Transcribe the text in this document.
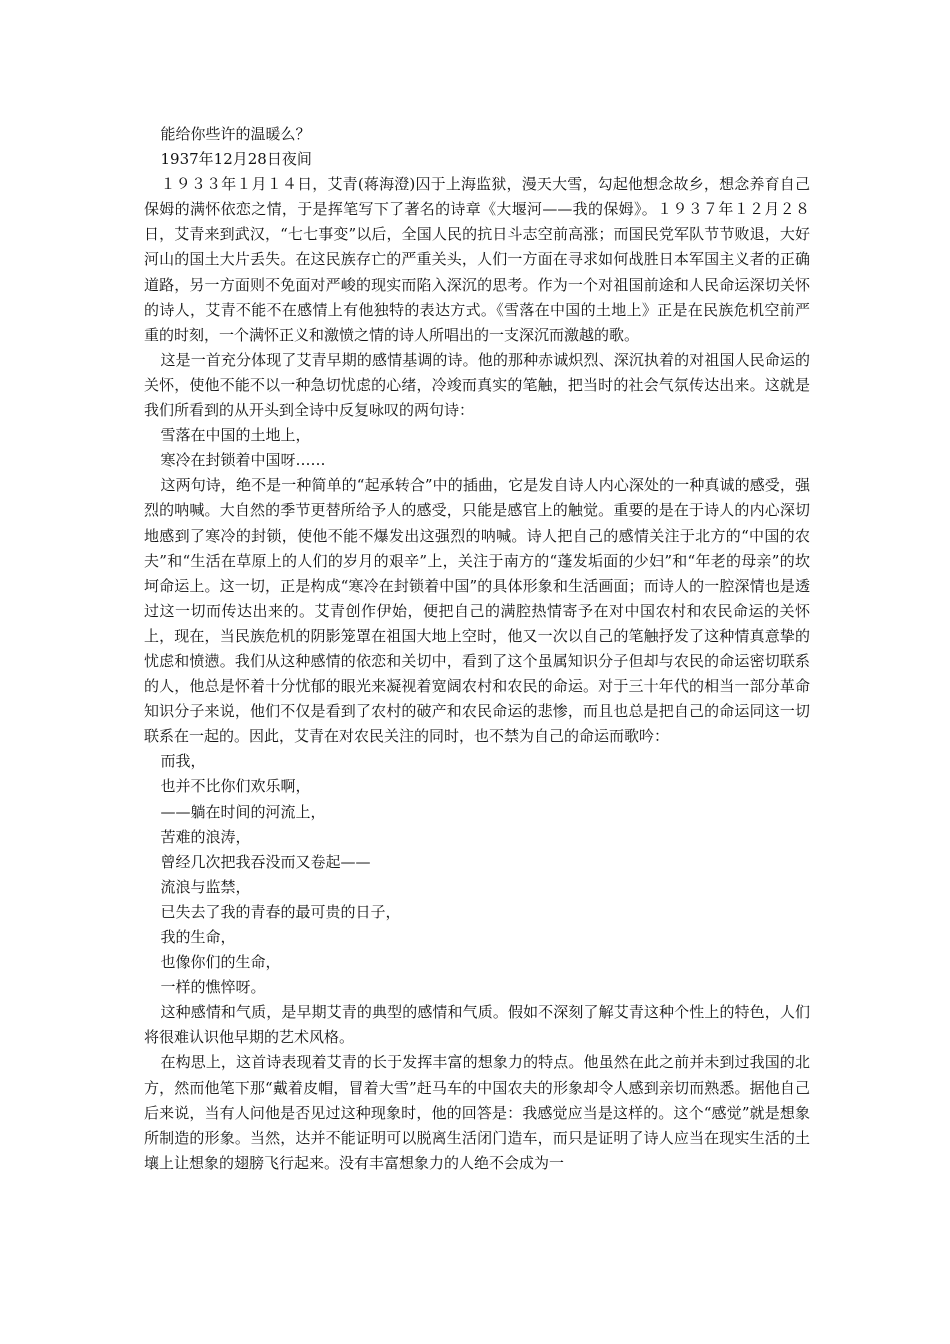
能给你些许的温暖么？

1937年12月28日夜间

１９３３年１月１４日，艾青(蒋海澄)囚于上海监狱，漫天大雪，勾起他想念故乡，想念养育自己保姆的满怀依恋之情，于是挥笔写下了著名的诗章《大堰河——我的保姆》。１９３７年１２月２８日，艾青来到武汉，“七七事变”以后，全国人民的抗日斗志空前高涨；而国民党军队节节败退，大好河山的国土大片丢失。在这民族存亡的严重关头，人们一方面在寻求如何战胜日本军国主义者的正确道路，另一方面则不免面对严峻的现实而陷入深沉的思考。作为一个对祖国前途和人民命运深切关怀的诗人，艾青不能不在感情上有他独特的表达方式。《雪落在中国的土地上》正是在民族危机空前严重的时刻，一个满怀正义和激愤之情的诗人所唱出的一支深沉而激越的歌。

这是一首充分体现了艾青早期的感情基调的诗。他的那种赤诚炽烈、深沉执着的对祖国人民命运的关怀，使他不能不以一种急切忧虑的心绪，冷竣而真实的笔触，把当时的社会气氛传达出来。这就是我们所看到的从开头到全诗中反复咏叹的两句诗：

雪落在中国的土地上，

寒冷在封锁着中国呀……

这两句诗，绝不是一种简单的“起承转合”中的插曲，它是发自诗人内心深处的一种真诚的感受，强烈的呐喊。大自然的季节更替所给予人的感受，只能是感官上的触觉。重要的是在于诗人的内心深切地感到了寒冷的封锁，使他不能不爆发出这强烈的呐喊。诗人把自己的感情关注于北方的“中国的农夫”和“生活在草原上的人们的岁月的艰辛”上，关注于南方的“蓬发垢面的少妇”和“年老的母亲”的坎坷命运上。这一切，正是构成“寒冷在封锁着中国”的具体形象和生活画面；而诗人的一腔深情也是透过这一切而传达出来的。艾青创作伊始，便把自己的满腔热情寄予在对中国农村和农民命运的关怀上，现在，当民族危机的阴影笼罩在祖国大地上空时，他又一次以自己的笔触抒发了这种情真意挚的忧虑和愤懑。我们从这种感情的依恋和关切中，看到了这个虽属知识分子但却与农民的命运密切联系的人，他总是怀着十分忧郁的眼光来凝视着宽阔农村和农民的命运。对于三十年代的相当一部分革命知识分子来说，他们不仅是看到了农村的破产和农民命运的悲惨，而且也总是把自己的命运同这一切联系在一起的。因此，艾青在对农民关注的同时，也不禁为自己的命运而歌吟：

而我，

也并不比你们欢乐啊，

——躺在时间的河流上，

苦难的浪涛，

曾经几次把我吞没而又卷起——

流浪与监禁，

已失去了我的青春的最可贵的日子，

我的生命，

也像你们的生命，

一样的憔悴呀。

这种感情和气质，是早期艾青的典型的感情和气质。假如不深刻了解艾青这种个性上的特色，人们将很难认识他早期的艺术风格。

在构思上，这首诗表现着艾青的长于发挥丰富的想象力的特点。他虽然在此之前并未到过我国的北方，然而他笔下那“戴着皮帽，冒着大雪”赶马车的中国农夫的形象却令人感到亲切而熟悉。据他自己后来说，当有人问他是否见过这种现象时，他的回答是：我感觉应当是这样的。这个“感觉”就是想象所制造的形象。当然，达并不能证明可以脱离生活闭门造车，而只是证明了诗人应当在现实生活的土壤上让想象的翅膀飞行起来。没有丰富想象力的人绝不会成为一
